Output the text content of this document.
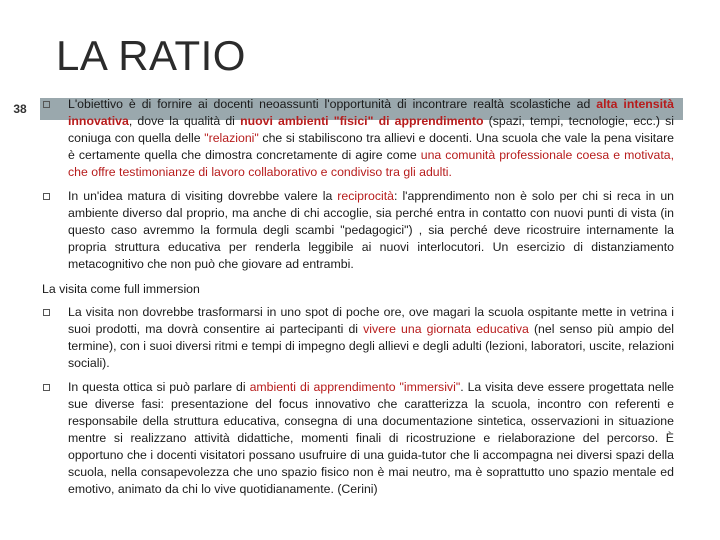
LA RATIO
38	L'obiettivo è di fornire ai docenti neoassunti l'opportunità di incontrare realtà scolastiche ad alta intensità innovativa, dove la qualità di nuovi ambienti "fisici" di apprendimento (spazi, tempi, tecnologie, ecc.) si coniuga con quella delle "relazioni" che si stabiliscono tra allievi e docenti. Una scuola che vale la pena visitare è certamente quella che dimostra concretamente di agire come una comunità professionale coesa e motivata, che offre testimonianze di lavoro collaborativo e condiviso tra gli adulti.

In un'idea matura di visiting dovrebbe valere la reciprocità: l'apprendimento non è solo per chi si reca in un ambiente diverso dal proprio, ma anche di chi accoglie, sia perché entra in contatto con nuovi punti di vista (in questo caso avremmo la formula degli scambi "pedagogici") , sia perché deve ricostruire internamente la propria struttura educativa per renderla leggibile ai nuovi interlocutori. Un esercizio di distanziamento metacognitivo che non può che giovare ad entrambi.

La visita come full immersion

La visita non dovrebbe trasformarsi in uno spot di poche ore, ove magari la scuola ospitante mette in vetrina i suoi prodotti, ma dovrà consentire ai partecipanti di vivere una giornata educativa (nel senso più ampio del termine), con i suoi diversi ritmi e tempi di impegno degli allievi e degli adulti (lezioni, laboratori, uscite, relazioni sociali).

In questa ottica si può parlare di ambienti di apprendimento "immersivi". La visita deve essere progettata nelle sue diverse fasi: presentazione del focus innovativo che caratterizza la scuola, incontro con referenti e responsabile della struttura educativa, consegna di una documentazione sintetica, osservazioni in situazione mentre si realizzano attività didattiche, momenti finali di ricostruzione e rielaborazione del percorso. È opportuno che i docenti visitatori possano usufruire di una guida-tutor che li accompagna nei diversi spazi della scuola, nella consapevolezza che uno spazio fisico non è mai neutro, ma è soprattutto uno spazio mentale ed emotivo, animato da chi lo vive quotidianamente. (Cerini)
